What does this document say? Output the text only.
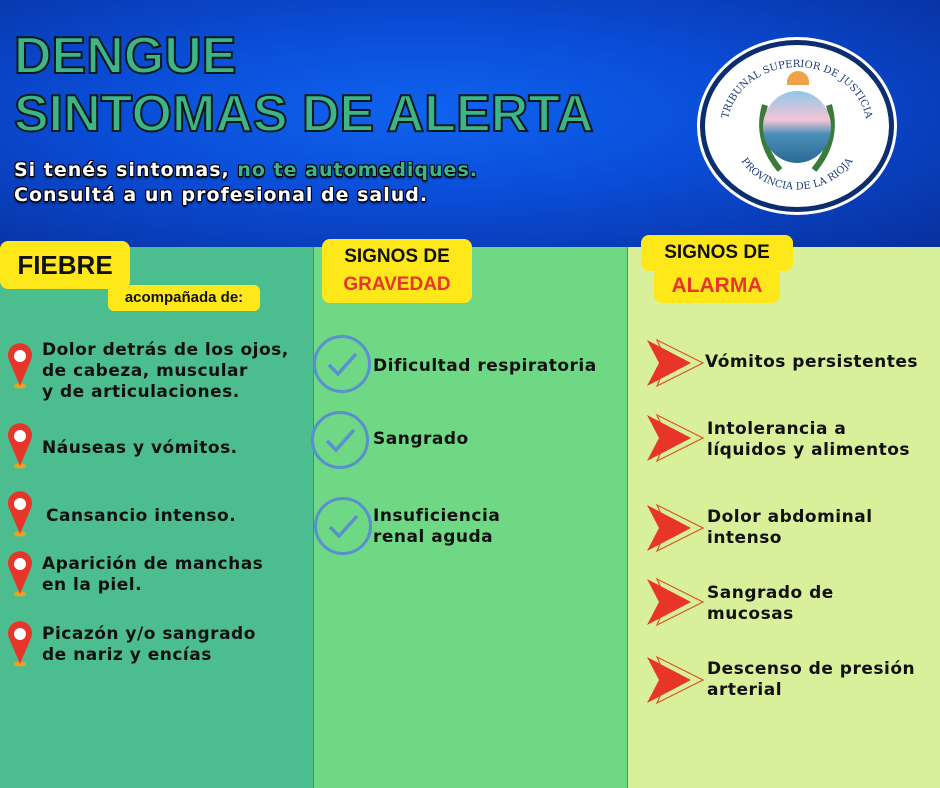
DENGUE
SINTOMAS DE ALERTA
Si tenés sintomas, no te automediques.
Consultá a un profesional de salud.
TRIBUNAL SUPERIOR DE JUSTICIA
PROVINCIA DE LA RIOJA
FIEBRE
acompañada de:
SIGNOS DE
GRAVEDAD
SIGNOS DE
ALARMA
Dolor detrás de los ojos,
de cabeza, muscular
y de articulaciones.
Náuseas y vómitos.
Cansancio intenso.
Aparición de manchas
en la piel.
Picazón y/o sangrado
de nariz y encías
Dificultad respiratoria
Sangrado
Insuficiencia
renal aguda
Vómitos persistentes
Intolerancia a
líquidos y alimentos
Dolor abdominal
intenso
Sangrado de
mucosas
Descenso de presión
arterial
